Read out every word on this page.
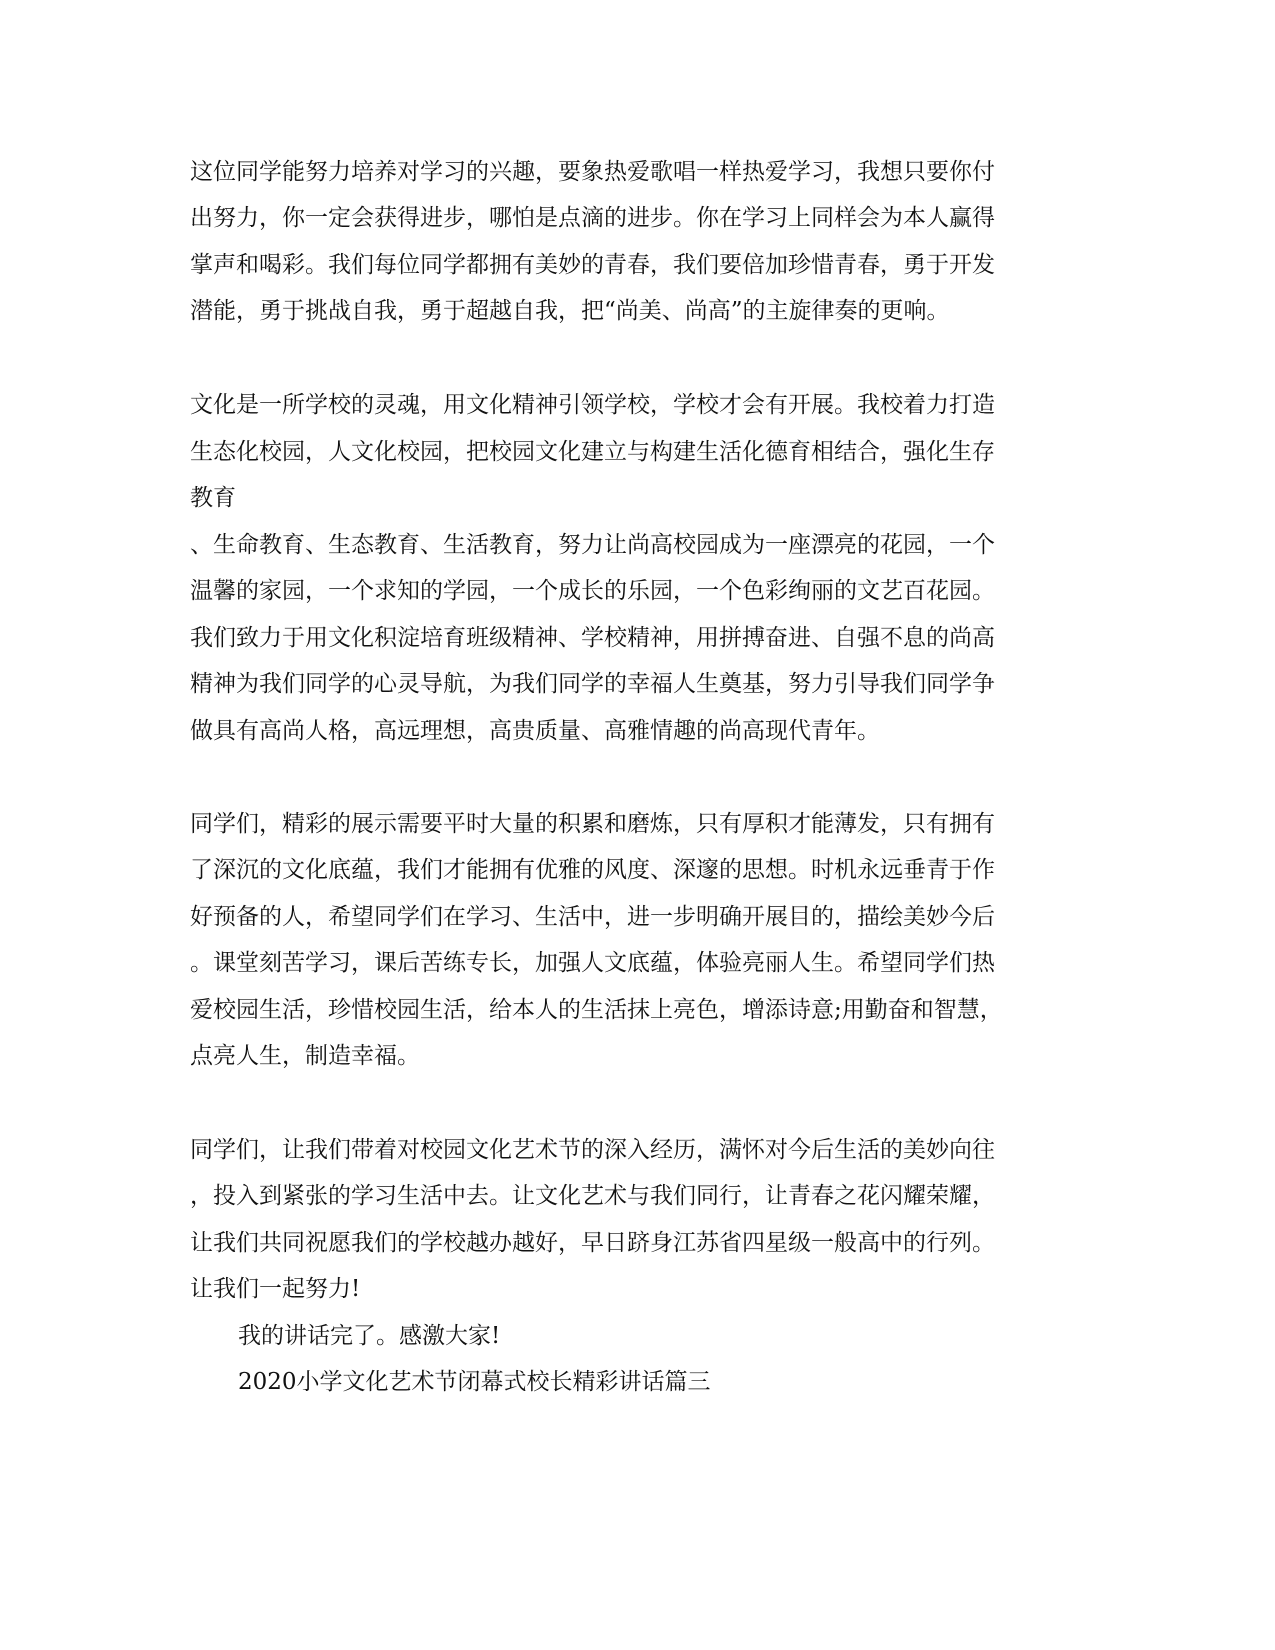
这位同学能努力培养对学习的兴趣，要象热爱歌唱一样热爱学习，我想只要你付
出努力，你一定会获得进步，哪怕是点滴的进步。你在学习上同样会为本人赢得
掌声和喝彩。我们每位同学都拥有美妙的青春，我们要倍加珍惜青春，勇于开发
潜能，勇于挑战自我，勇于超越自我，把“尚美、尚高”的主旋律奏的更响。
文化是一所学校的灵魂，用文化精神引领学校，学校才会有开展。我校着力打造
生态化校园，人文化校园，把校园文化建立与构建生活化德育相结合，强化生存
教育
、生命教育、生态教育、生活教育，努力让尚高校园成为一座漂亮的花园，一个
温馨的家园，一个求知的学园，一个成长的乐园，一个色彩绚丽的文艺百花园。
我们致力于用文化积淀培育班级精神、学校精神，用拼搏奋进、自强不息的尚高
精神为我们同学的心灵导航，为我们同学的幸福人生奠基，努力引导我们同学争
做具有高尚人格，高远理想，高贵质量、高雅情趣的尚高现代青年。
同学们，精彩的展示需要平时大量的积累和磨炼，只有厚积才能薄发，只有拥有
了深沉的文化底蕴，我们才能拥有优雅的风度、深邃的思想。时机永远垂青于作
好预备的人，希望同学们在学习、生活中，进一步明确开展目的，描绘美妙今后
。课堂刻苦学习，课后苦练专长，加强人文底蕴，体验亮丽人生。希望同学们热
爱校园生活，珍惜校园生活，给本人的生活抹上亮色，增添诗意;用勤奋和智慧，
点亮人生，制造幸福。
同学们，让我们带着对校园文化艺术节的深入经历，满怀对今后生活的美妙向往
，投入到紧张的学习生活中去。让文化艺术与我们同行，让青春之花闪耀荣耀，
让我们共同祝愿我们的学校越办越好，早日跻身江苏省四星级一般高中的行列。
让我们一起努力!
我的讲话完了。感激大家!
2020小学文化艺术节闭幕式校长精彩讲话篇三
